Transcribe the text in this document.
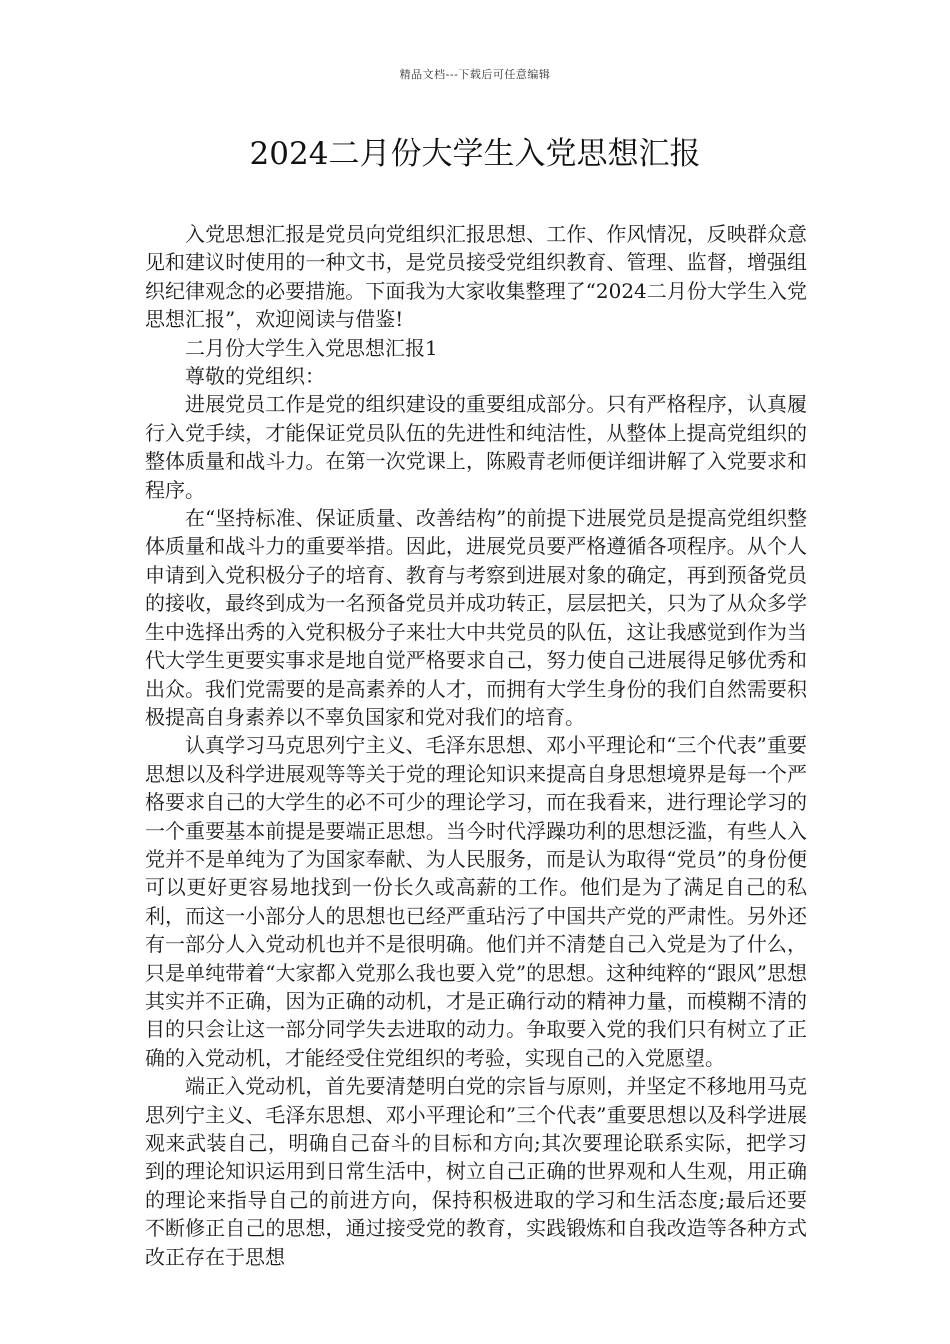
精品文档---下载后可任意编辑
2024二月份大学生入党思想汇报

入党思想汇报是党员向党组织汇报思想、工作、作风情况，反映群众意见和建议时使用的一种文书，是党员接受党组织教育、管理、监督，增强组织纪律观念的必要措施。下面我为大家收集整理了“2024二月份大学生入党思想汇报”，欢迎阅读与借鉴!

二月份大学生入党思想汇报1

尊敬的党组织：

进展党员工作是党的组织建设的重要组成部分。只有严格程序，认真履行入党手续，才能保证党员队伍的先进性和纯洁性，从整体上提高党组织的整体质量和战斗力。在第一次党课上，陈殿青老师便详细讲解了入党要求和程序。

在“坚持标准、保证质量、改善结构”的前提下进展党员是提高党组织整体质量和战斗力的重要举措。因此，进展党员要严格遵循各项程序。从个人申请到入党积极分子的培育、教育与考察到进展对象的确定，再到预备党员的接收，最终到成为一名预备党员并成功转正，层层把关，只为了从众多学生中选择出秀的入党积极分子来壮大中共党员的队伍，这让我感觉到作为当代大学生更要实事求是地自觉严格要求自己，努力使自己进展得足够优秀和出众。我们党需要的是高素养的人才，而拥有大学生身份的我们自然需要积极提高自身素养以不辜负国家和党对我们的培育。

认真学习马克思列宁主义、毛泽东思想、邓小平理论和“三个代表”重要思想以及科学进展观等等关于党的理论知识来提高自身思想境界是每一个严格要求自己的大学生的必不可少的理论学习，而在我看来，进行理论学习的一个重要基本前提是要端正思想。当今时代浮躁功利的思想泛滥，有些人入党并不是单纯为了为国家奉献、为人民服务，而是认为取得“党员”的身份便可以更好更容易地找到一份长久或高薪的工作。他们是为了满足自己的私利，而这一小部分人的思想也已经严重玷污了中国共产党的严肃性。另外还有一部分人入党动机也并不是很明确。他们并不清楚自己入党是为了什么，只是单纯带着“大家都入党那么我也要入党”的思想。这种纯粹的“跟风”思想其实并不正确，因为正确的动机，才是正确行动的精神力量，而模糊不清的目的只会让这一部分同学失去进取的动力。争取要入党的我们只有树立了正确的入党动机，才能经受住党组织的考验，实现自己的入党愿望。

端正入党动机，首先要清楚明白党的宗旨与原则，并坚定不移地用马克思列宁主义、毛泽东思想、邓小平理论和”三个代表”重要思想以及科学进展观来武装自己，明确自己奋斗的目标和方向;其次要理论联系实际，把学习到的理论知识运用到日常生活中，树立自己正确的世界观和人生观，用正确的理论来指导自己的前进方向，保持积极进取的学习和生活态度;最后还要不断修正自己的思想，通过接受党的教育，实践锻炼和自我改造等各种方式改正存在于思想
